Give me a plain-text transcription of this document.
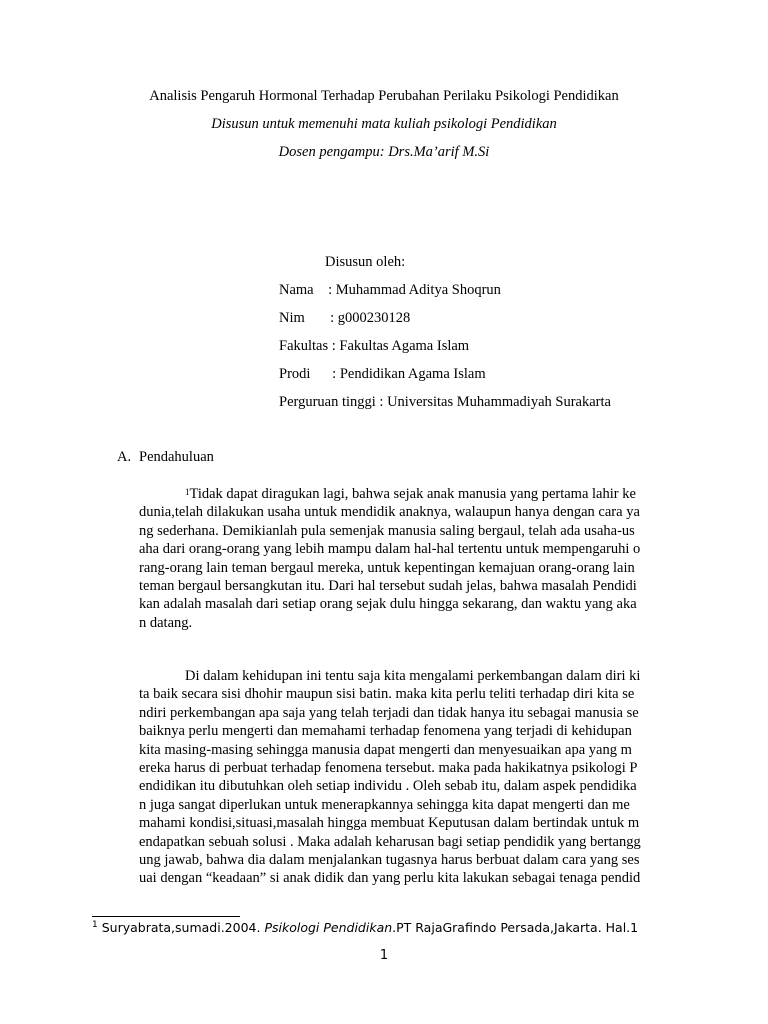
Analisis Pengaruh Hormonal Terhadap Perubahan Perilaku Psikologi Pendidikan
Disusun untuk memenuhi mata kuliah psikologi Pendidikan
Dosen pengampu: Drs.Ma’arif M.Si
Disusun oleh:
Nama    : Muhammad Aditya Shoqrun
Nim       : g000230128
Fakultas : Fakultas Agama Islam
Prodi      : Pendidikan Agama Islam
Perguruan tinggi : Universitas Muhammadiyah Surakarta
A. Pendahuluan
$^1$Tidak dapat diragukan lagi, bahwa sejak anak manusia yang pertama lahir ke
dunia,telah dilakukan usaha untuk mendidik anaknya, walaupun hanya dengan cara ya
ng sederhana. Demikianlah pula semenjak manusia saling bergaul, telah ada usaha-us
aha dari orang-orang yang lebih mampu dalam hal-hal tertentu untuk mempengaruhi o
rang-orang lain teman bergaul mereka, untuk kepentingan kemajuan orang-orang lain
teman bergaul bersangkutan itu. Dari hal tersebut sudah jelas, bahwa masalah Pendidi
kan adalah masalah dari setiap orang sejak dulu hingga sekarang, dan waktu yang aka
n datang.
Di dalam kehidupan ini tentu saja kita mengalami perkembangan dalam diri ki
ta baik secara sisi dhohir maupun sisi batin. maka kita perlu teliti terhadap diri kita se
ndiri perkembangan apa saja yang telah terjadi dan tidak hanya itu sebagai manusia se
baiknya perlu mengerti dan memahami terhadap fenomena yang terjadi di kehidupan
kita masing-masing sehingga manusia dapat mengerti dan menyesuaikan apa yang m
ereka harus di perbuat terhadap fenomena tersebut. maka pada hakikatnya psikologi P
endidikan itu dibutuhkan oleh setiap individu . Oleh sebab itu, dalam aspek pendidika
n juga sangat diperlukan untuk menerapkannya sehingga kita dapat mengerti dan me
mahami kondisi,situasi,masalah hingga membuat Keputusan dalam bertindak untuk m
endapatkan sebuah solusi . Maka adalah keharusan bagi setiap pendidik yang bertangg
ung jawab, bahwa dia dalam menjalankan tugasnya harus berbuat dalam cara yang ses
uai dengan “keadaan” si anak didik dan yang perlu kita lakukan sebagai tenaga pendid
$^1$ Suryabrata,sumadi.2004. Psikologi Pendidikan.PT RajaGrafindo Persada,Jakarta. Hal.1
1
